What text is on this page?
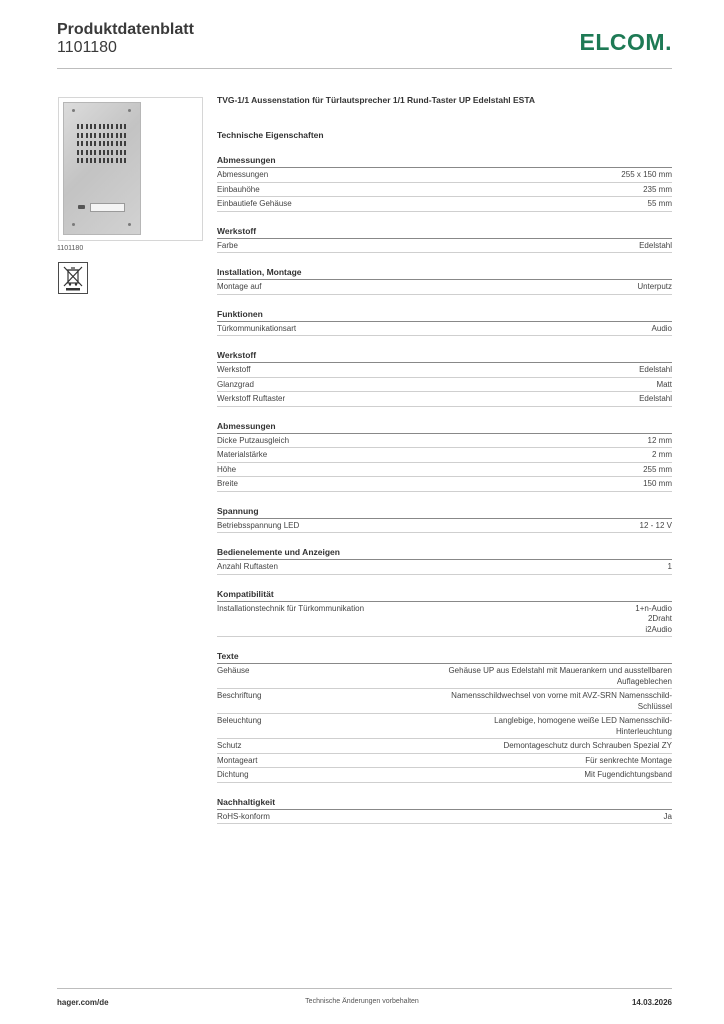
Produktdatenblatt
1101180	ELCOM.
1101180
TVG-1/1 Aussenstation für Türlautsprecher 1/1 Rund-Taster UP Edelstahl ESTA
Technische Eigenschaften
Abmessungen
Abmessungen	255 x 150 mm
Einbauhöhe	235 mm
Einbautiefe Gehäuse	55 mm
Werkstoff
Farbe	Edelstahl
Installation, Montage
Montage auf	Unterputz
Funktionen
Türkommunikationsart	Audio
Werkstoff
Werkstoff	Edelstahl
Glanzgrad	Matt
Werkstoff Ruftaster	Edelstahl
Abmessungen
Dicke Putzausgleich	12 mm
Materialstärke	2 mm
Höhe	255 mm
Breite	150 mm
Spannung
Betriebsspannung LED	12 - 12 V
Bedienelemente und Anzeigen
Anzahl Ruftasten	1
Kompatibilität
Installationstechnik für Türkommunikation	1+n-Audio
2Draht
i2Audio
Texte
Gehäuse	Gehäuse UP aus Edelstahl mit Mauerankern und ausstellbaren
Auflageblechen
Beschriftung	Namensschildwechsel von vorne mit AVZ-SRN Namensschild-
Schlüssel
Beleuchtung	Langlebige, homogene weiße LED Namensschild-
Hinterleuchtung
Schutz	Demontageschutz durch Schrauben Spezial ZY
Montageart	Für senkrechte Montage
Dichtung	Mit Fugendichtungsband
Nachhaltigkeit
RoHS-konform	Ja
hager.com/de	Technische Änderungen vorbehalten	14.03.2026
